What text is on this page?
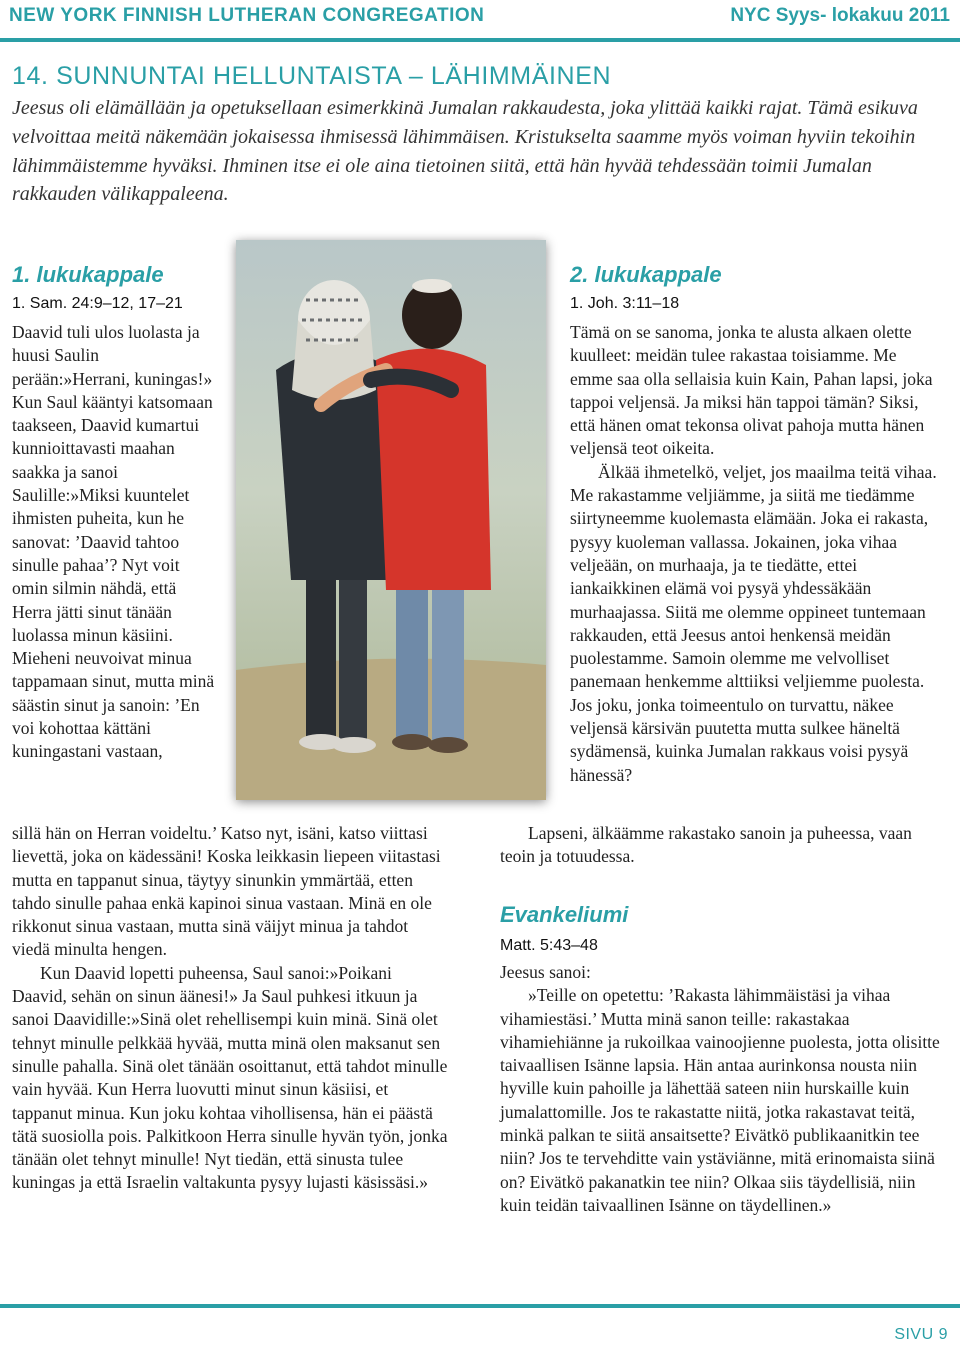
NEW YORK FINNISH LUTHERAN CONGREGATION	NYC Syys- lokakuu 2011
14. SUNNUNTAI HELLUNTAISTA – LÄHIMMÄINEN
Jeesus oli elämällään ja opetuksellaan esimerkkinä Jumalan rakkaudesta, joka ylittää kaikki rajat. Tämä esikuva velvoittaa meitä näkemään jokaisessa ihmisessä lähimmäisen. Kristukselta saamme myös voiman hyviin tekoihin lähimmäistemme hyväksi. Ihminen itse ei ole aina tietoinen siitä, että hän hyvää tehdessään toimii Jumalan rakkauden välikappaleena.
1. lukukappale
1. Sam. 24:9–12, 17–21

Daavid tuli ulos luolasta ja huusi Saulin perään:»Herrani, kuningas!» Kun Saul kääntyi katsomaan taakseen, Daavid kumartui kunnioittavasti maahan saakka ja sanoi Saulille:»Miksi kuuntelet ihmisten puheita, kun he sanovat: ’Daavid tahtoo sinulle pahaa’? Nyt voit omin silmin nähdä, että Herra jätti sinut tänään luolassa minun käsiini. Mieheni neuvoivat minua tappamaan sinut, mutta minä säästin sinut ja sanoin: ’En voi kohottaa kättäni kuningastani vastaan,

sillä hän on Herran voideltu.’ Katso nyt, isäni, katso viittasi lievettä, joka on kädessäni! Koska leikkasin liepeen viitastasi mutta en tappanut sinua, täytyy sinunkin ymmärtää, etten tahdo sinulle pahaa enkä kapinoi sinua vastaan. Minä en ole rikkonut sinua vastaan, mutta sinä väijyt minua ja tahdot viedä minulta hengen.

Kun Daavid lopetti puheensa, Saul sanoi:»Poikani Daavid, sehän on sinun äänesi!» Ja Saul puhkesi itkuun ja sanoi Daavidille:»Sinä olet rehellisempi kuin minä. Sinä olet tehnyt minulle pelkkää hyvää, mutta minä olen maksanut sen sinulle pahalla. Sinä olet tänään osoittanut, että tahdot minulle vain hyvää. Kun Herra luovutti minut sinun käsiisi, et tappanut minua. Kun joku kohtaa vihollisensa, hän ei päästä tätä suosiolla pois. Palkitkoon Herra sinulle hyvän työn, jonka tänään olet tehnyt minulle! Nyt tiedän, että sinusta tulee kuningas ja että Israelin valtakunta pysyy lujasti käsissäsi.»

2. lukukappale
1. Joh. 3:11–18

Tämä on se sanoma, jonka te alusta alkaen olette kuulleet: meidän tulee rakastaa toisiamme. Me emme saa olla sellaisia kuin Kain, Pahan lapsi, joka tappoi veljensä. Ja miksi hän tappoi tämän? Siksi, että hänen omat tekonsa olivat pahoja mutta hänen veljensä teot oikeita.

Älkää ihmetelkö, veljet, jos maailma teitä vihaa. Me rakastamme veljiämme, ja siitä me tiedämme siirtyneemme kuolemasta elämään. Joka ei rakasta, pysyy kuoleman vallassa. Jokainen, joka vihaa veljeään, on murhaaja, ja te tiedätte, ettei iankaikkinen elämä voi pysyä yhdessäkään murhaajassa. Siitä me olemme oppineet tuntemaan rakkauden, että Jeesus antoi henkensä meidän puolestamme. Samoin olemme me velvolliset panemaan henkemme alttiiksi veljiemme puolesta. Jos joku, jonka toimeentulo on turvattu, näkee veljensä kärsivän puutetta mutta sulkee häneltä sydämensä, kuinka Jumalan rakkaus voisi pysyä hänessä?

Lapseni, älkäämme rakastako sanoin ja puheessa, vaan teoin ja totuudessa.

Evankeliumi
Matt. 5:43–48

Jeesus sanoi:

»Teille on opetettu: ’Rakasta lähimmäistäsi ja vihaa vihamiestäsi.’ Mutta minä sanon teille: rakastakaa vihamiehiänne ja rukoilkaa vainoojienne puolesta, jotta olisitte taivaallisen Isänne lapsia. Hän antaa aurinkonsa nousta niin hyville kuin pahoille ja lähettää sateen niin hurskaille kuin jumalattomille. Jos te rakastatte niitä, jotka rakastavat teitä, minkä palkan te siitä ansaitsette? Eivätkö publikaanitkin tee niin? Jos te tervehditte vain ystäviänne, mitä erinomaista siinä on? Eivätkö pakanatkin tee niin? Olkaa siis täydellisiä, niin kuin teidän taivaallinen Isänne on täydellinen.»

SIVU 9
